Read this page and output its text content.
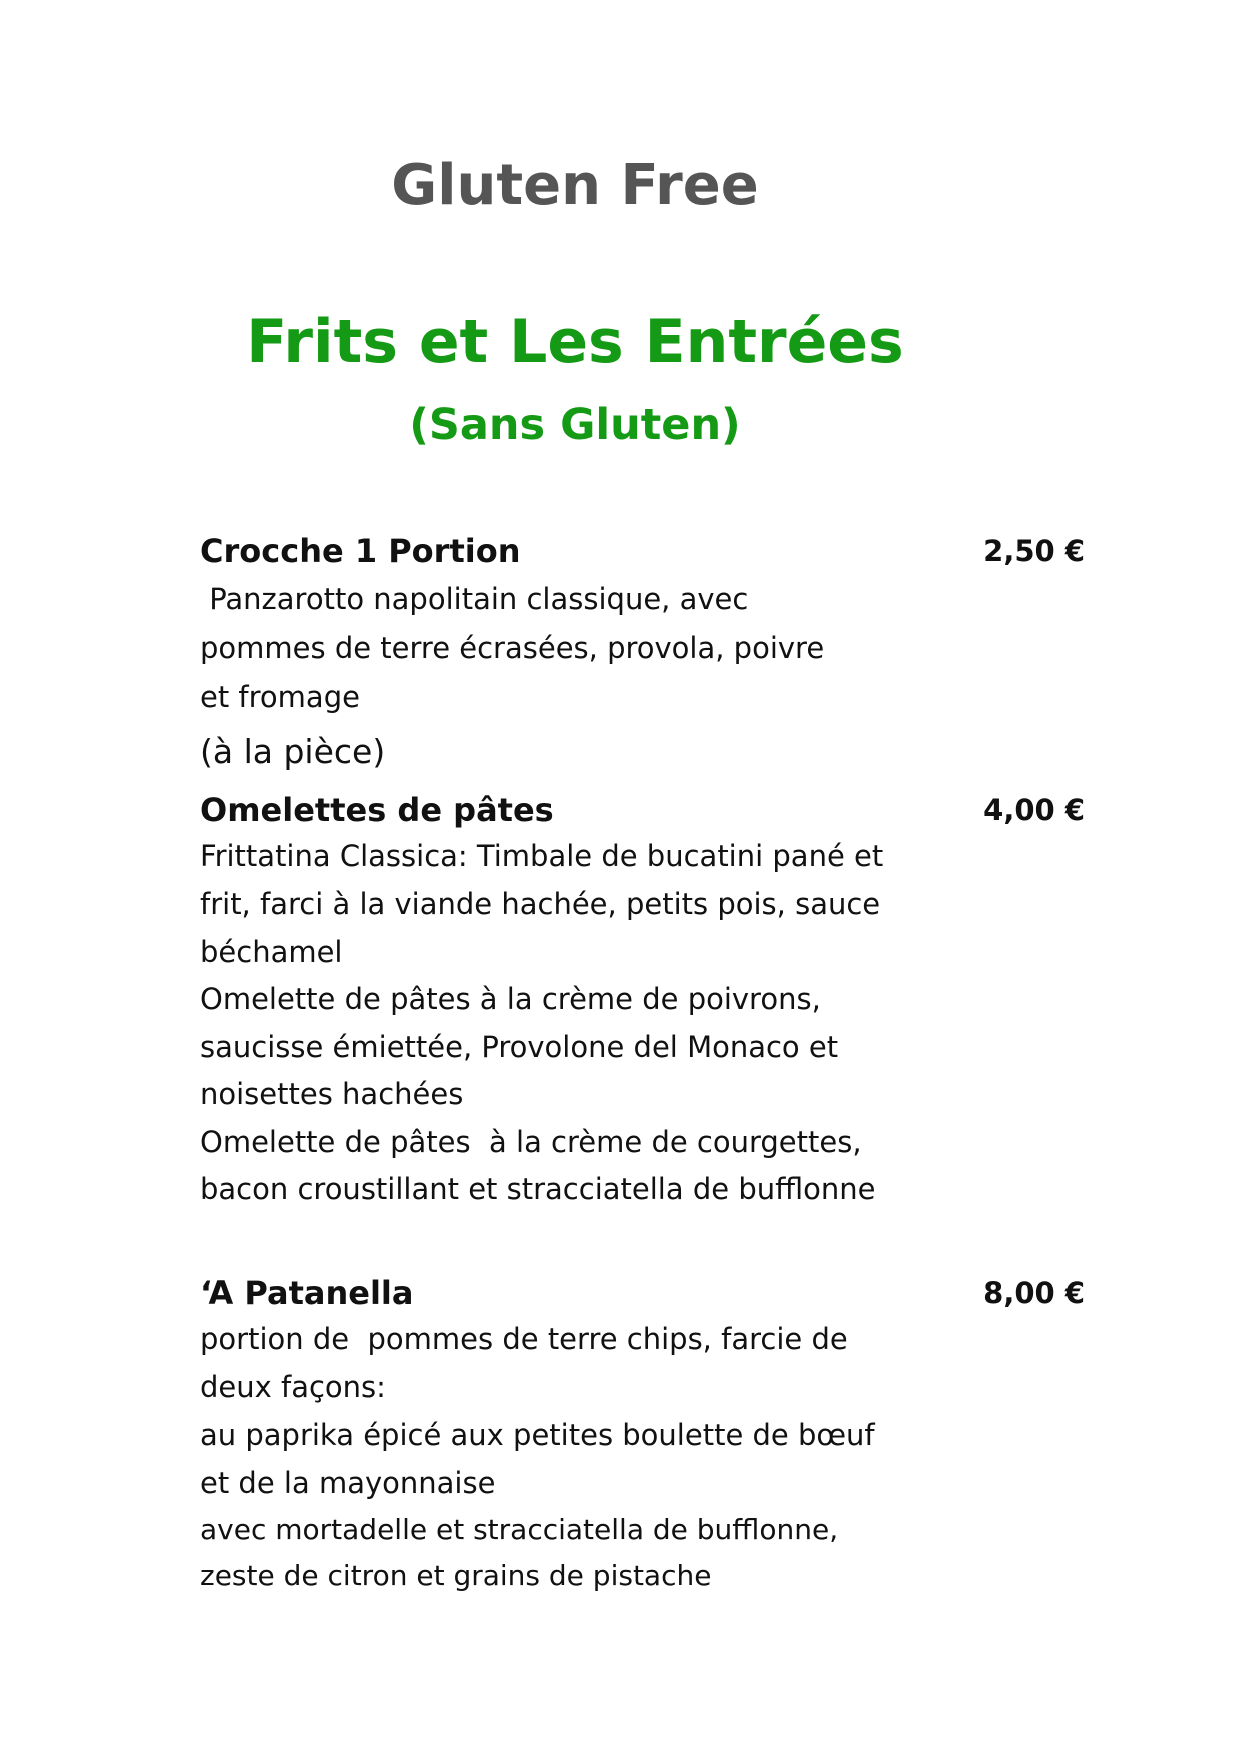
Gluten Free
Frits et Les Entrées
(Sans Gluten)
Crocche 1 Portion	2,50 €
Panzarotto napolitain classique, avec
pommes de terre écrasées, provola, poivre
et fromage
(à la pièce)
Omelettes de pâtes	4,00 €
Frittatina Classica: Timbale de bucatini pané et
frit, farci à la viande hachée, petits pois, sauce
béchamel
Omelette de pâtes à la crème de poivrons,
saucisse émiettée, Provolone del Monaco et
noisettes hachées
Omelette de pâtes  à la crème de courgettes,
bacon croustillant et stracciatella de bufflonne
‘A Patanella	8,00 €
portion de  pommes de terre chips, farcie de
deux façons:
au paprika épicé aux petites boulette de bœuf
et de la mayonnaise
avec mortadelle et stracciatella de bufflonne,
zeste de citron et grains de pistache
